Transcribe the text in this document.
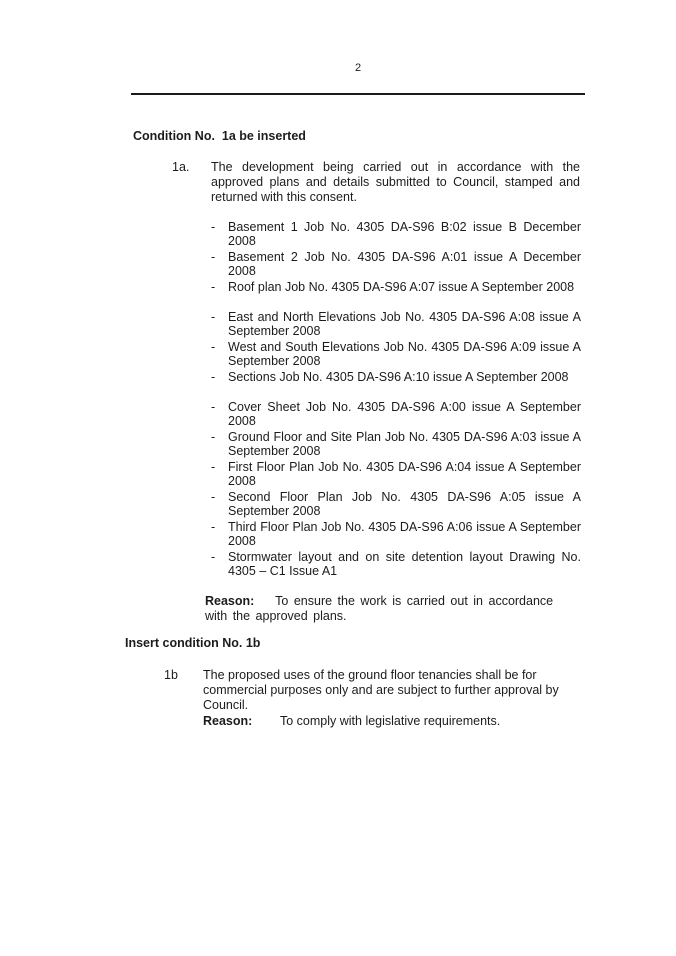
2
Condition No.  1a be inserted
1a. The development being carried out in accordance with the approved plans and details submitted to Council, stamped and returned with this consent.
- Basement 1 Job No. 4305 DA-S96 B:02 issue B December 2008
- Basement 2 Job No. 4305 DA-S96 A:01 issue A December 2008
- Roof plan Job No. 4305 DA-S96 A:07 issue A September 2008
- East and North Elevations Job No. 4305 DA-S96 A:08 issue A September 2008
- West and South Elevations Job No. 4305 DA-S96 A:09 issue A September 2008
- Sections Job No. 4305 DA-S96 A:10 issue A September 2008
- Cover Sheet Job No. 4305 DA-S96 A:00 issue A September 2008
- Ground Floor and Site Plan Job No. 4305 DA-S96 A:03 issue A September 2008
- First Floor Plan Job No. 4305 DA-S96 A:04 issue A September 2008
- Second Floor Plan Job No. 4305 DA-S96 A:05 issue A September 2008
- Third Floor Plan Job No. 4305 DA-S96 A:06 issue A September 2008
- Stormwater layout and on site detention layout Drawing No. 4305 – C1 Issue A1
Reason: To ensure the work is carried out in accordance with the approved plans.
Insert condition No. 1b
1b The proposed uses of the ground floor tenancies shall be for commercial purposes only and are subject to further approval by Council.
Reason: To comply with legislative requirements.
